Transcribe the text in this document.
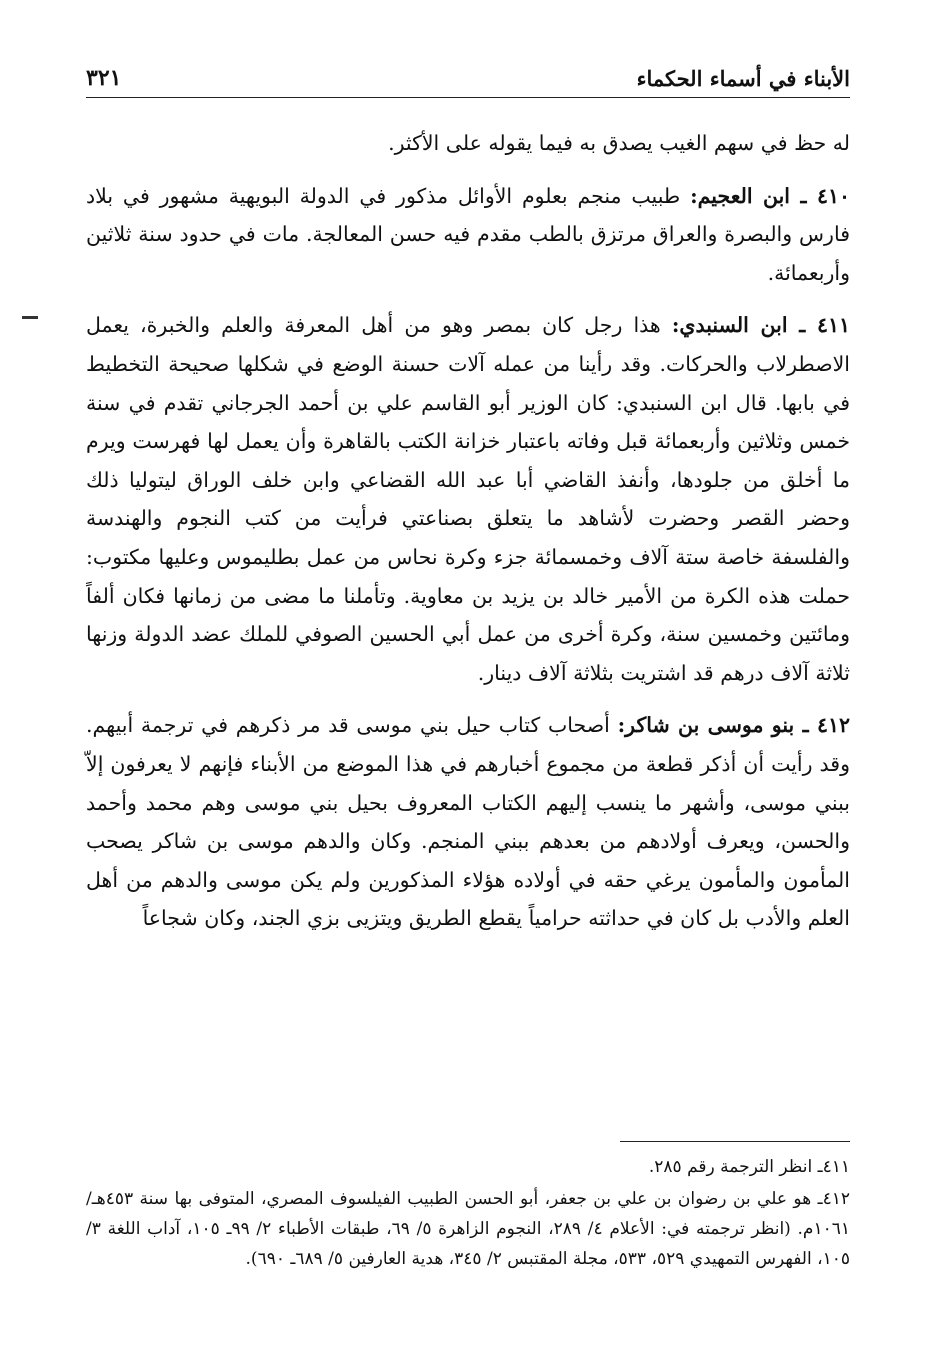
الأبناء في أسماء الحكماء
٣٢١

له حظ في سهم الغيب يصدق به فيما يقوله على الأكثر.

٤١٠ ـ ابن العجيم: طبيب منجم بعلوم الأوائل مذكور في الدولة البويهية مشهور في بلاد فارس والبصرة والعراق مرتزق بالطب مقدم فيه حسن المعالجة. مات في حدود سنة ثلاثين وأربعمائة.

٤١١ ـ ابن السنبدي: هذا رجل كان بمصر وهو من أهل المعرفة والعلم والخبرة، يعمل الاصطرلاب والحركات. وقد رأينا من عمله آلات حسنة الوضع في شكلها صحيحة التخطيط في بابها. قال ابن السنبدي: كان الوزير أبو القاسم علي بن أحمد الجرجاني تقدم في سنة خمس وثلاثين وأربعمائة قبل وفاته باعتبار خزانة الكتب بالقاهرة وأن يعمل لها فهرست ويرم ما أخلق من جلودها، وأنفذ القاضي أبا عبد الله القضاعي وابن خلف الوراق ليتوليا ذلك وحضر القصر وحضرت لأشاهد ما يتعلق بصناعتي فرأيت من كتب النجوم والهندسة والفلسفة خاصة ستة آلاف وخمسمائة جزء وكرة نحاس من عمل بطليموس وعليها مكتوب: حملت هذه الكرة من الأمير خالد بن يزيد بن معاوية. وتأملنا ما مضى من زمانها فكان ألفاً ومائتين وخمسين سنة، وكرة أخرى من عمل أبي الحسين الصوفي للملك عضد الدولة وزنها ثلاثة آلاف درهم قد اشتريت بثلاثة آلاف دينار.

٤١٢ ـ بنو موسى بن شاكر: أصحاب كتاب حيل بني موسى قد مر ذكرهم في ترجمة أبيهم. وقد رأيت أن أذكر قطعة من مجموع أخبارهم في هذا الموضع من الأبناء فإنهم لا يعرفون إلاّ ببني موسى، وأشهر ما ينسب إليهم الكتاب المعروف بحيل بني موسى وهم محمد وأحمد والحسن، ويعرف أولادهم من بعدهم ببني المنجم. وكان والدهم موسى بن شاكر يصحب المأمون والمأمون يرغي حقه في أولاده هؤلاء المذكورين ولم يكن موسى والدهم من أهل العلم والأدب بل كان في حداثته حرامياً يقطع الطريق ويتزيى بزي الجند، وكان شجاعاً

٤١١ـ انظر الترجمة رقم ٢٨٥.

٤١٢ـ هو علي بن رضوان بن علي بن جعفر، أبو الحسن الطبيب الفيلسوف المصري، المتوفى بها سنة ٤٥٣هـ/ ١٠٦١م. (انظر ترجمته في: الأعلام ٤/ ٢٨٩، النجوم الزاهرة ٥/ ٦٩، طبقات الأطباء ٢/ ٩٩ـ ١٠٥، آداب اللغة ٣/ ١٠٥، الفهرس التمهيدي ٥٢٩، ٥٣٣، مجلة المقتبس ٢/ ٣٤٥، هدية العارفين ٥/ ٦٨٩ـ ٦٩٠).
